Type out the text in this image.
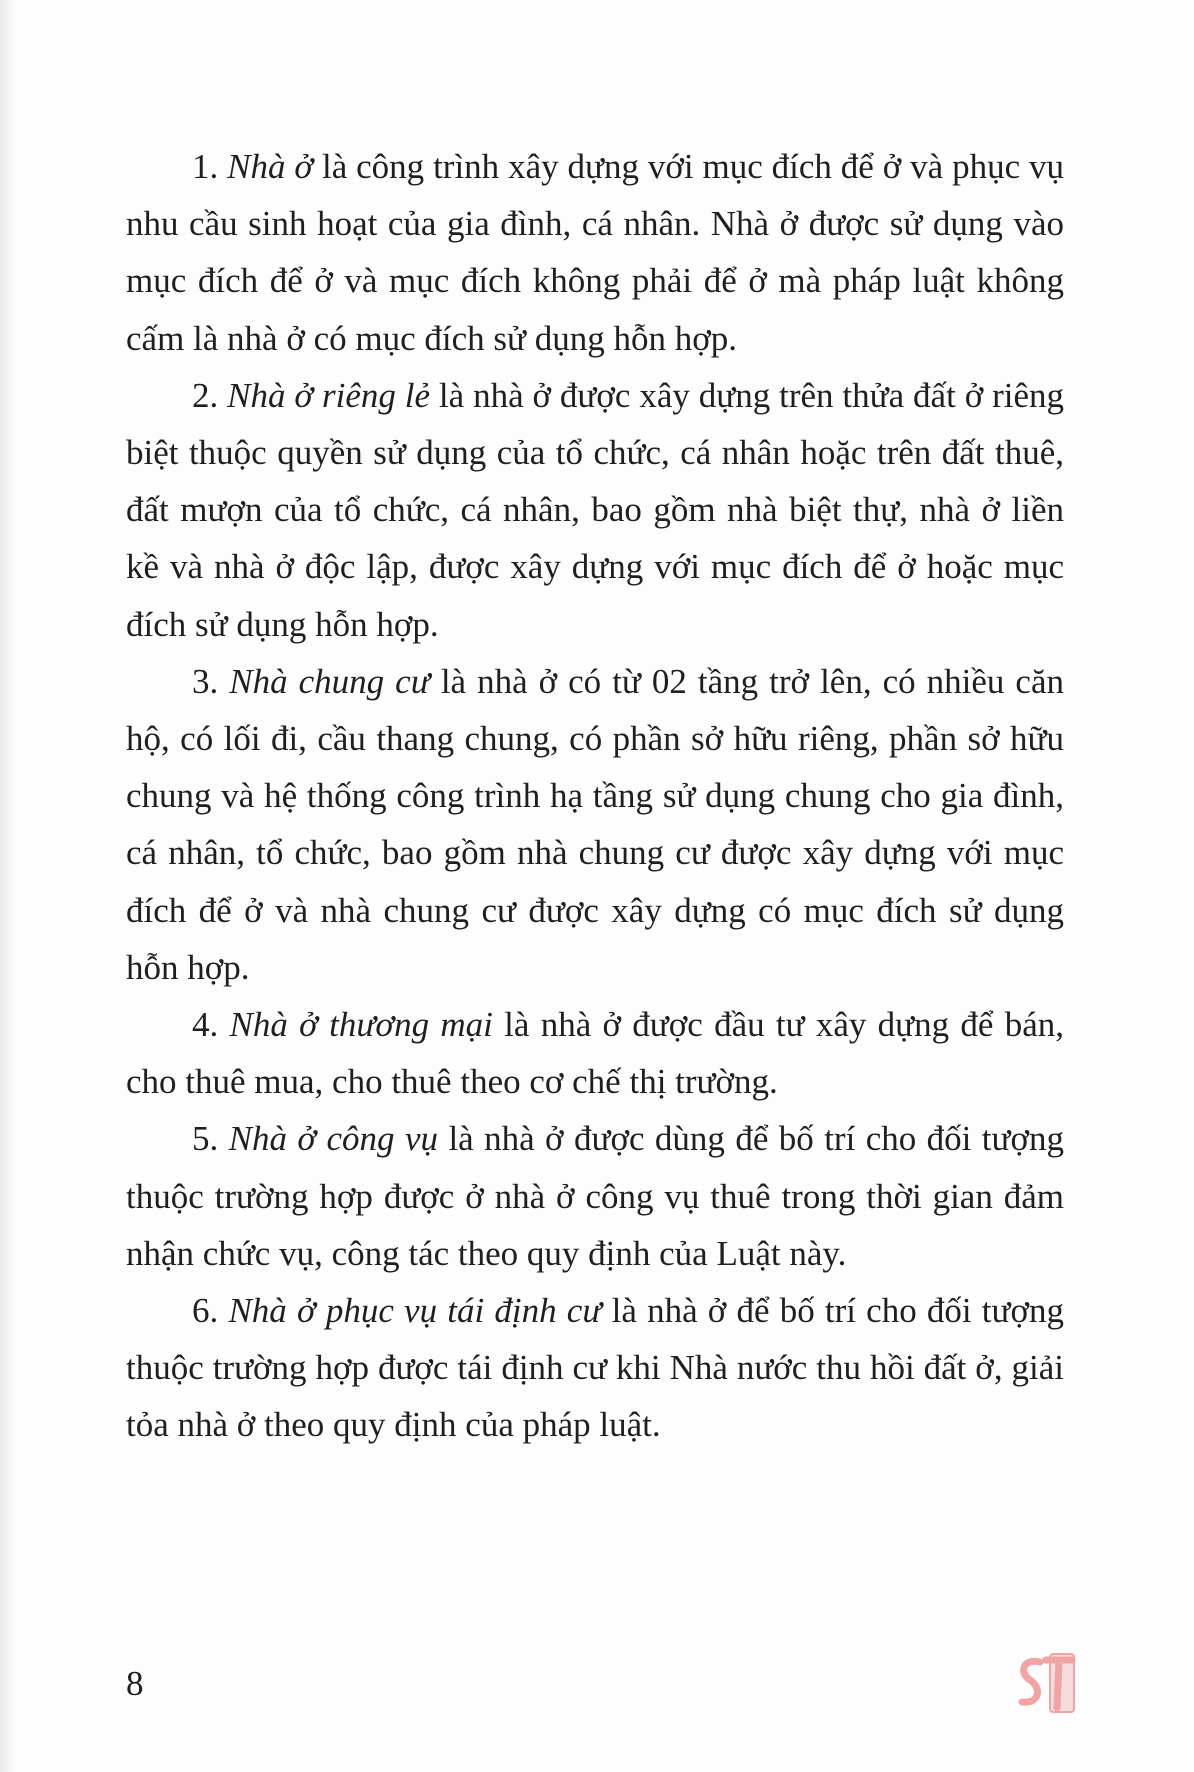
1. Nhà ở là công trình xây dựng với mục đích để ở và phục vụ nhu cầu sinh hoạt của gia đình, cá nhân. Nhà ở được sử dụng vào mục đích để ở và mục đích không phải để ở mà pháp luật không cấm là nhà ở có mục đích sử dụng hỗn hợp.

2. Nhà ở riêng lẻ là nhà ở được xây dựng trên thửa đất ở riêng biệt thuộc quyền sử dụng của tổ chức, cá nhân hoặc trên đất thuê, đất mượn của tổ chức, cá nhân, bao gồm nhà biệt thự, nhà ở liền kề và nhà ở độc lập, được xây dựng với mục đích để ở hoặc mục đích sử dụng hỗn hợp.

3. Nhà chung cư là nhà ở có từ 02 tầng trở lên, có nhiều căn hộ, có lối đi, cầu thang chung, có phần sở hữu riêng, phần sở hữu chung và hệ thống công trình hạ tầng sử dụng chung cho gia đình, cá nhân, tổ chức, bao gồm nhà chung cư được xây dựng với mục đích để ở và nhà chung cư được xây dựng có mục đích sử dụng hỗn hợp.

4. Nhà ở thương mại là nhà ở được đầu tư xây dựng để bán, cho thuê mua, cho thuê theo cơ chế thị trường.

5. Nhà ở công vụ là nhà ở được dùng để bố trí cho đối tượng thuộc trường hợp được ở nhà ở công vụ thuê trong thời gian đảm nhận chức vụ, công tác theo quy định của Luật này.

6. Nhà ở phục vụ tái định cư là nhà ở để bố trí cho đối tượng thuộc trường hợp được tái định cư khi Nhà nước thu hồi đất ở, giải tỏa nhà ở theo quy định của pháp luật.

8
